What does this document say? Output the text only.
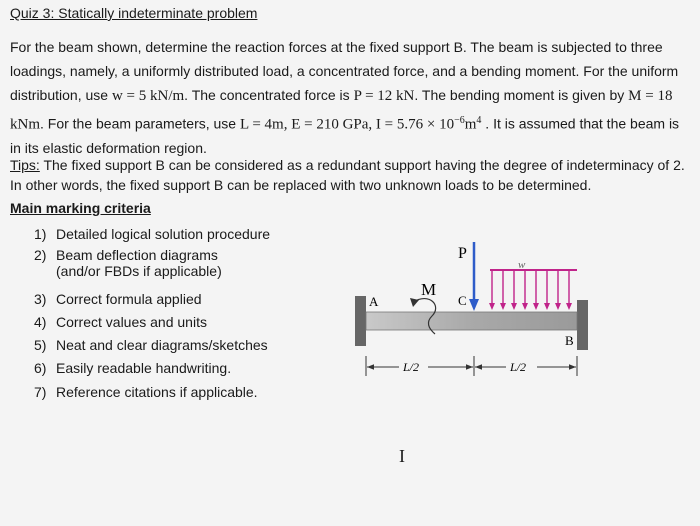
Quiz 3: Statically indeterminate problem
For the beam shown, determine the reaction forces at the fixed support B. The beam is subjected to three loadings, namely, a uniformly distributed load, a concentrated force, and a bending moment. For the uniform distribution, use w = 5 kN/m. The concentrated force is P = 12 kN. The bending moment is given by M = 18 kNm. For the beam parameters, use L = 4m, E = 210 GPa, $I = 5.76 \times 10^{-6}m^4$ . It is assumed that the beam is in its elastic deformation region.
Tips: The fixed support B can be considered as a redundant support having the degree of indeterminacy of 2. In other words, the fixed support B can be replaced with two unknown loads to be determined.
Main marking criteria
1) Detailed logical solution procedure
2) Beam deflection diagrams
(and/or FBDs if applicable)
3) Correct formula applied
4) Correct values and units
5) Neat and clear diagrams/sketches
6) Easily readable handwriting.
7) Reference citations if applicable.
A	C
B
M
P
w
L/2	L/2
I
